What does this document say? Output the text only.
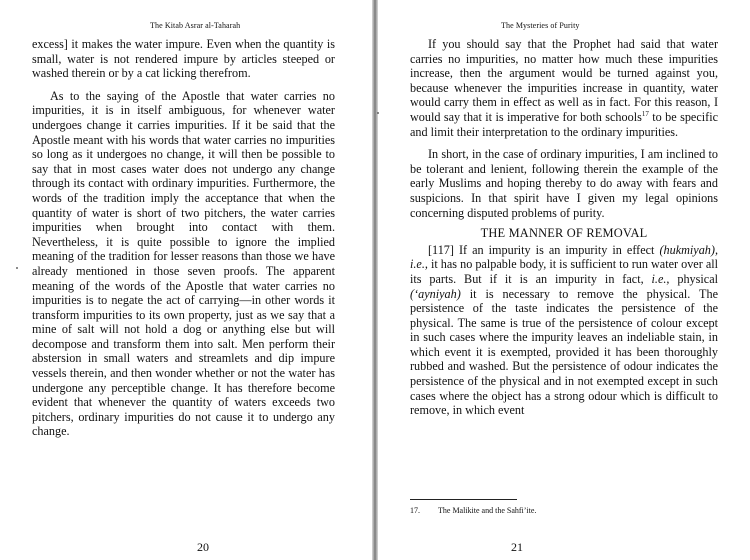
The Kitab Asrar al-Taharah

excess] it makes the water impure. Even when the quantity is small, water is not rendered impure by articles steeped or washed therein or by a cat licking therefrom.

As to the saying of the Apostle that water carries no impurities, it is in itself ambiguous, for whenever water undergoes change it carries impurities. If it be said that the Apostle meant with his words that water carries no impurities so long as it undergoes no change, it will then be possible to say that in most cases water does not undergo any change through its contact with ordinary impurities. Furthermore, the words of the tradition imply the acceptance that when the quantity of water is short of two pitchers, the water carries impurities when brought into contact with them. Nevertheless, it is quite possible to ignore the implied meaning of the tradition for lesser reasons than those we have already mentioned in those seven proofs. The apparent meaning of the words of the Apostle that water carries no impurities is to negate the act of carrying—in other words it transform impurities to its own property, just as we say that a mine of salt will not hold a dog or anything else but will decompose and transform them into salt. Men perform their abstersion in small waters and streamlets and dip impure vessels therein, and then wonder whether or not the water has undergone any perceptible change. It has therefore become evident that whenever the quantity of waters exceeds two pitchers, ordinary impurities do not cause it to undergo any change.

20
The Mysteries of Purity

If you should say that the Prophet had said that water carries no impurities, no matter how much these impurities increase, then the argument would be turned against you, because whenever the impurities increase in quantity, water would carry them in effect as well as in fact. For this reason, I would say that it is imperative for both schools$^{17}$ to be specific and limit their interpretation to the ordinary impurities.

In short, in the case of ordinary impurities, I am inclined to be tolerant and lenient, following therein the example of the early Muslims and hoping thereby to do away with fears and suspicions. In that spirit have I given my legal opinions concerning disputed problems of purity.

THE MANNER OF REMOVAL

[117] If an impurity is an impurity in effect (hukmiyah), i.e., it has no palpable body, it is sufficient to run water over all its parts. But if it is an impurity in fact, i.e., physical (‘ayniyah) it is necessary to remove the physical. The persistence of the taste indicates the persistence of the physical. The same is true of the persistence of colour except in such cases where the impurity leaves an indeliable stain, in which event it is exempted, provided it has been thoroughly rubbed and washed. But the persistence of odour indicates the persistence of the physical and in not exempted except in such cases where the object has a strong odour which is difficult to remove, in which event

17. The Malikite and the Sahfi’ite.
21
